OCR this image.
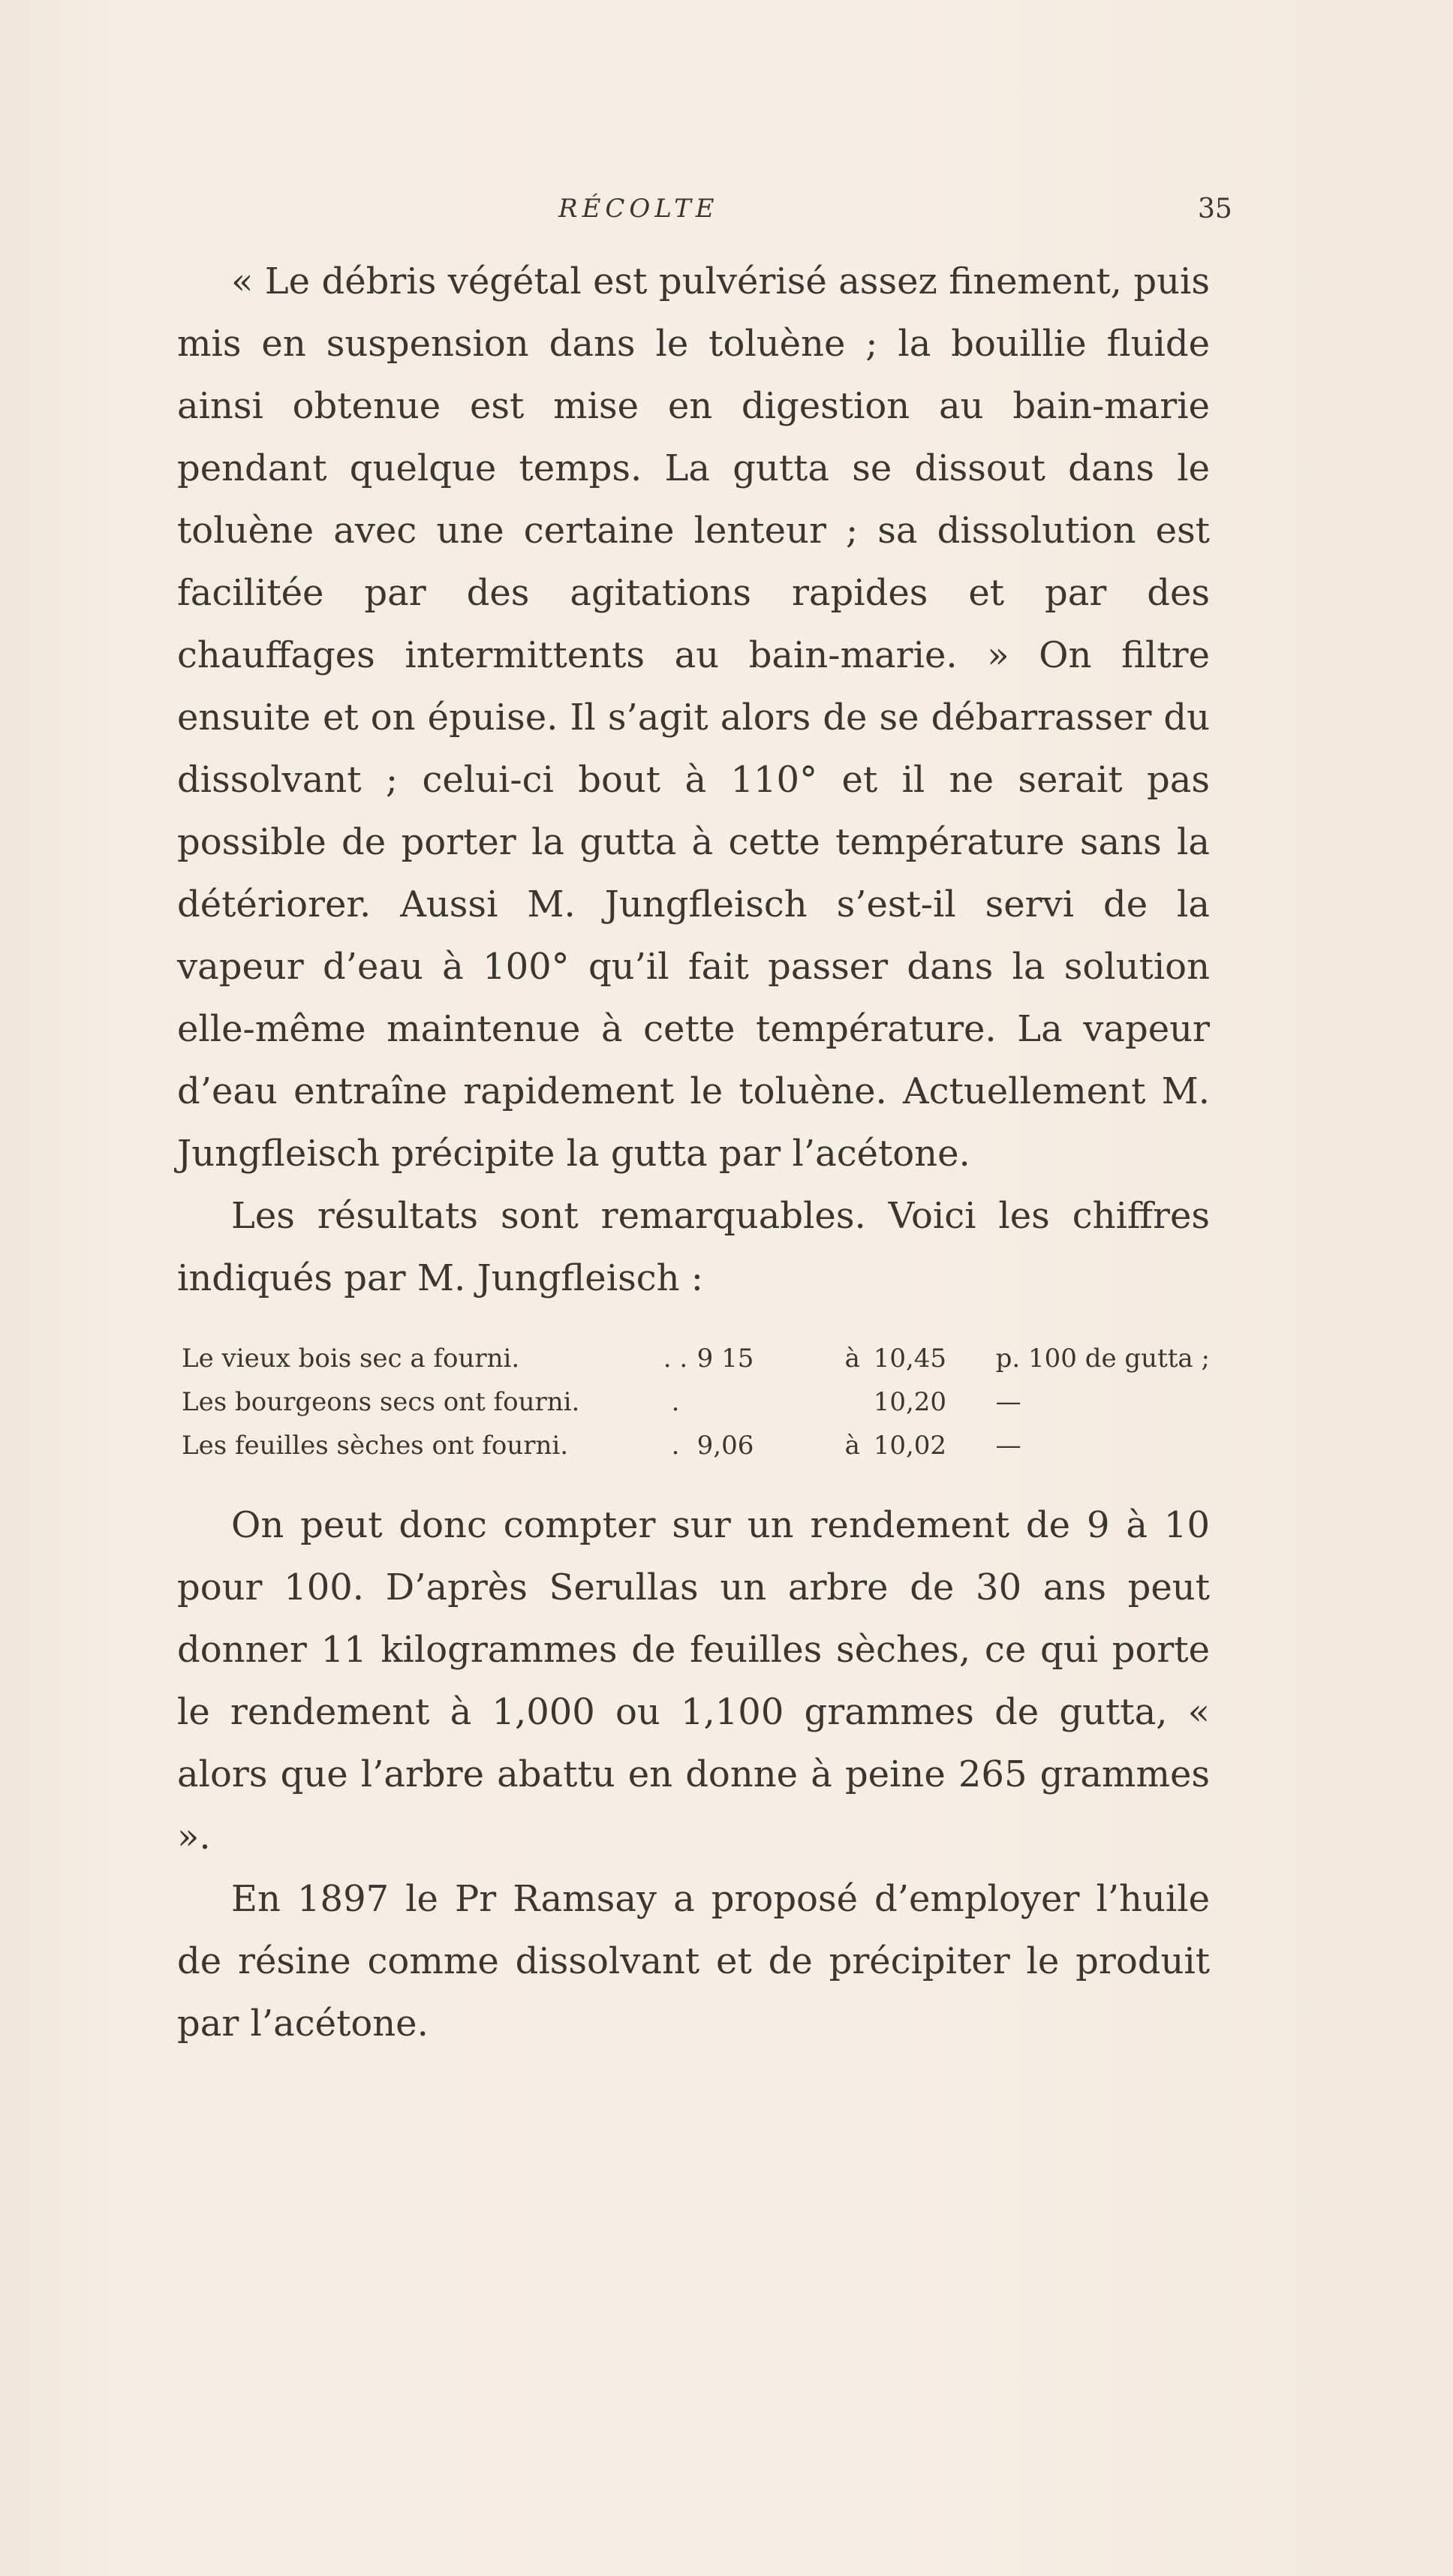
RÉCOLTE	35

« Le débris végétal est pulvérisé assez finement, puis mis en suspension dans le toluène ; la bouillie fluide ainsi obtenue est mise en digestion au bain-marie pendant quelque temps. La gutta se dissout dans le toluène avec une certaine lenteur ; sa dissolution est facilitée par des agitations rapides et par des chauffages intermittents au bain-marie. » On filtre ensuite et on épuise. Il s’agit alors de se débarrasser du dissolvant ; celui-ci bout à 110° et il ne serait pas possible de porter la gutta à cette température sans la détériorer. Aussi M. Jungfleisch s’est-il servi de la vapeur d’eau à 100° qu’il fait passer dans la solution elle-même maintenue à cette température. La vapeur d’eau entraîne rapidement le toluène. Actuellement M. Jungfleisch précipite la gutta par l’acétone.

Les résultats sont remarquables. Voici les chiffres indiqués par M. Jungfleisch :

Le vieux bois sec a fourni.	. .	9 15	à	10,45	p. 100 de gutta ;
Les bourgeons secs ont fourni.	.			10,20	—
Les feuilles sèches ont fourni.	.	9,06	à	10,02	—

On peut donc compter sur un rendement de 9 à 10 pour 100. D’après Serullas un arbre de 30 ans peut donner 11 kilogrammes de feuilles sèches, ce qui porte le rendement à 1,000 ou 1,100 grammes de gutta, « alors que l’arbre abattu en donne à peine 265 grammes ».

En 1897 le Pr Ramsay a proposé d’employer l’huile de résine comme dissolvant et de précipiter le produit par l’acétone.
